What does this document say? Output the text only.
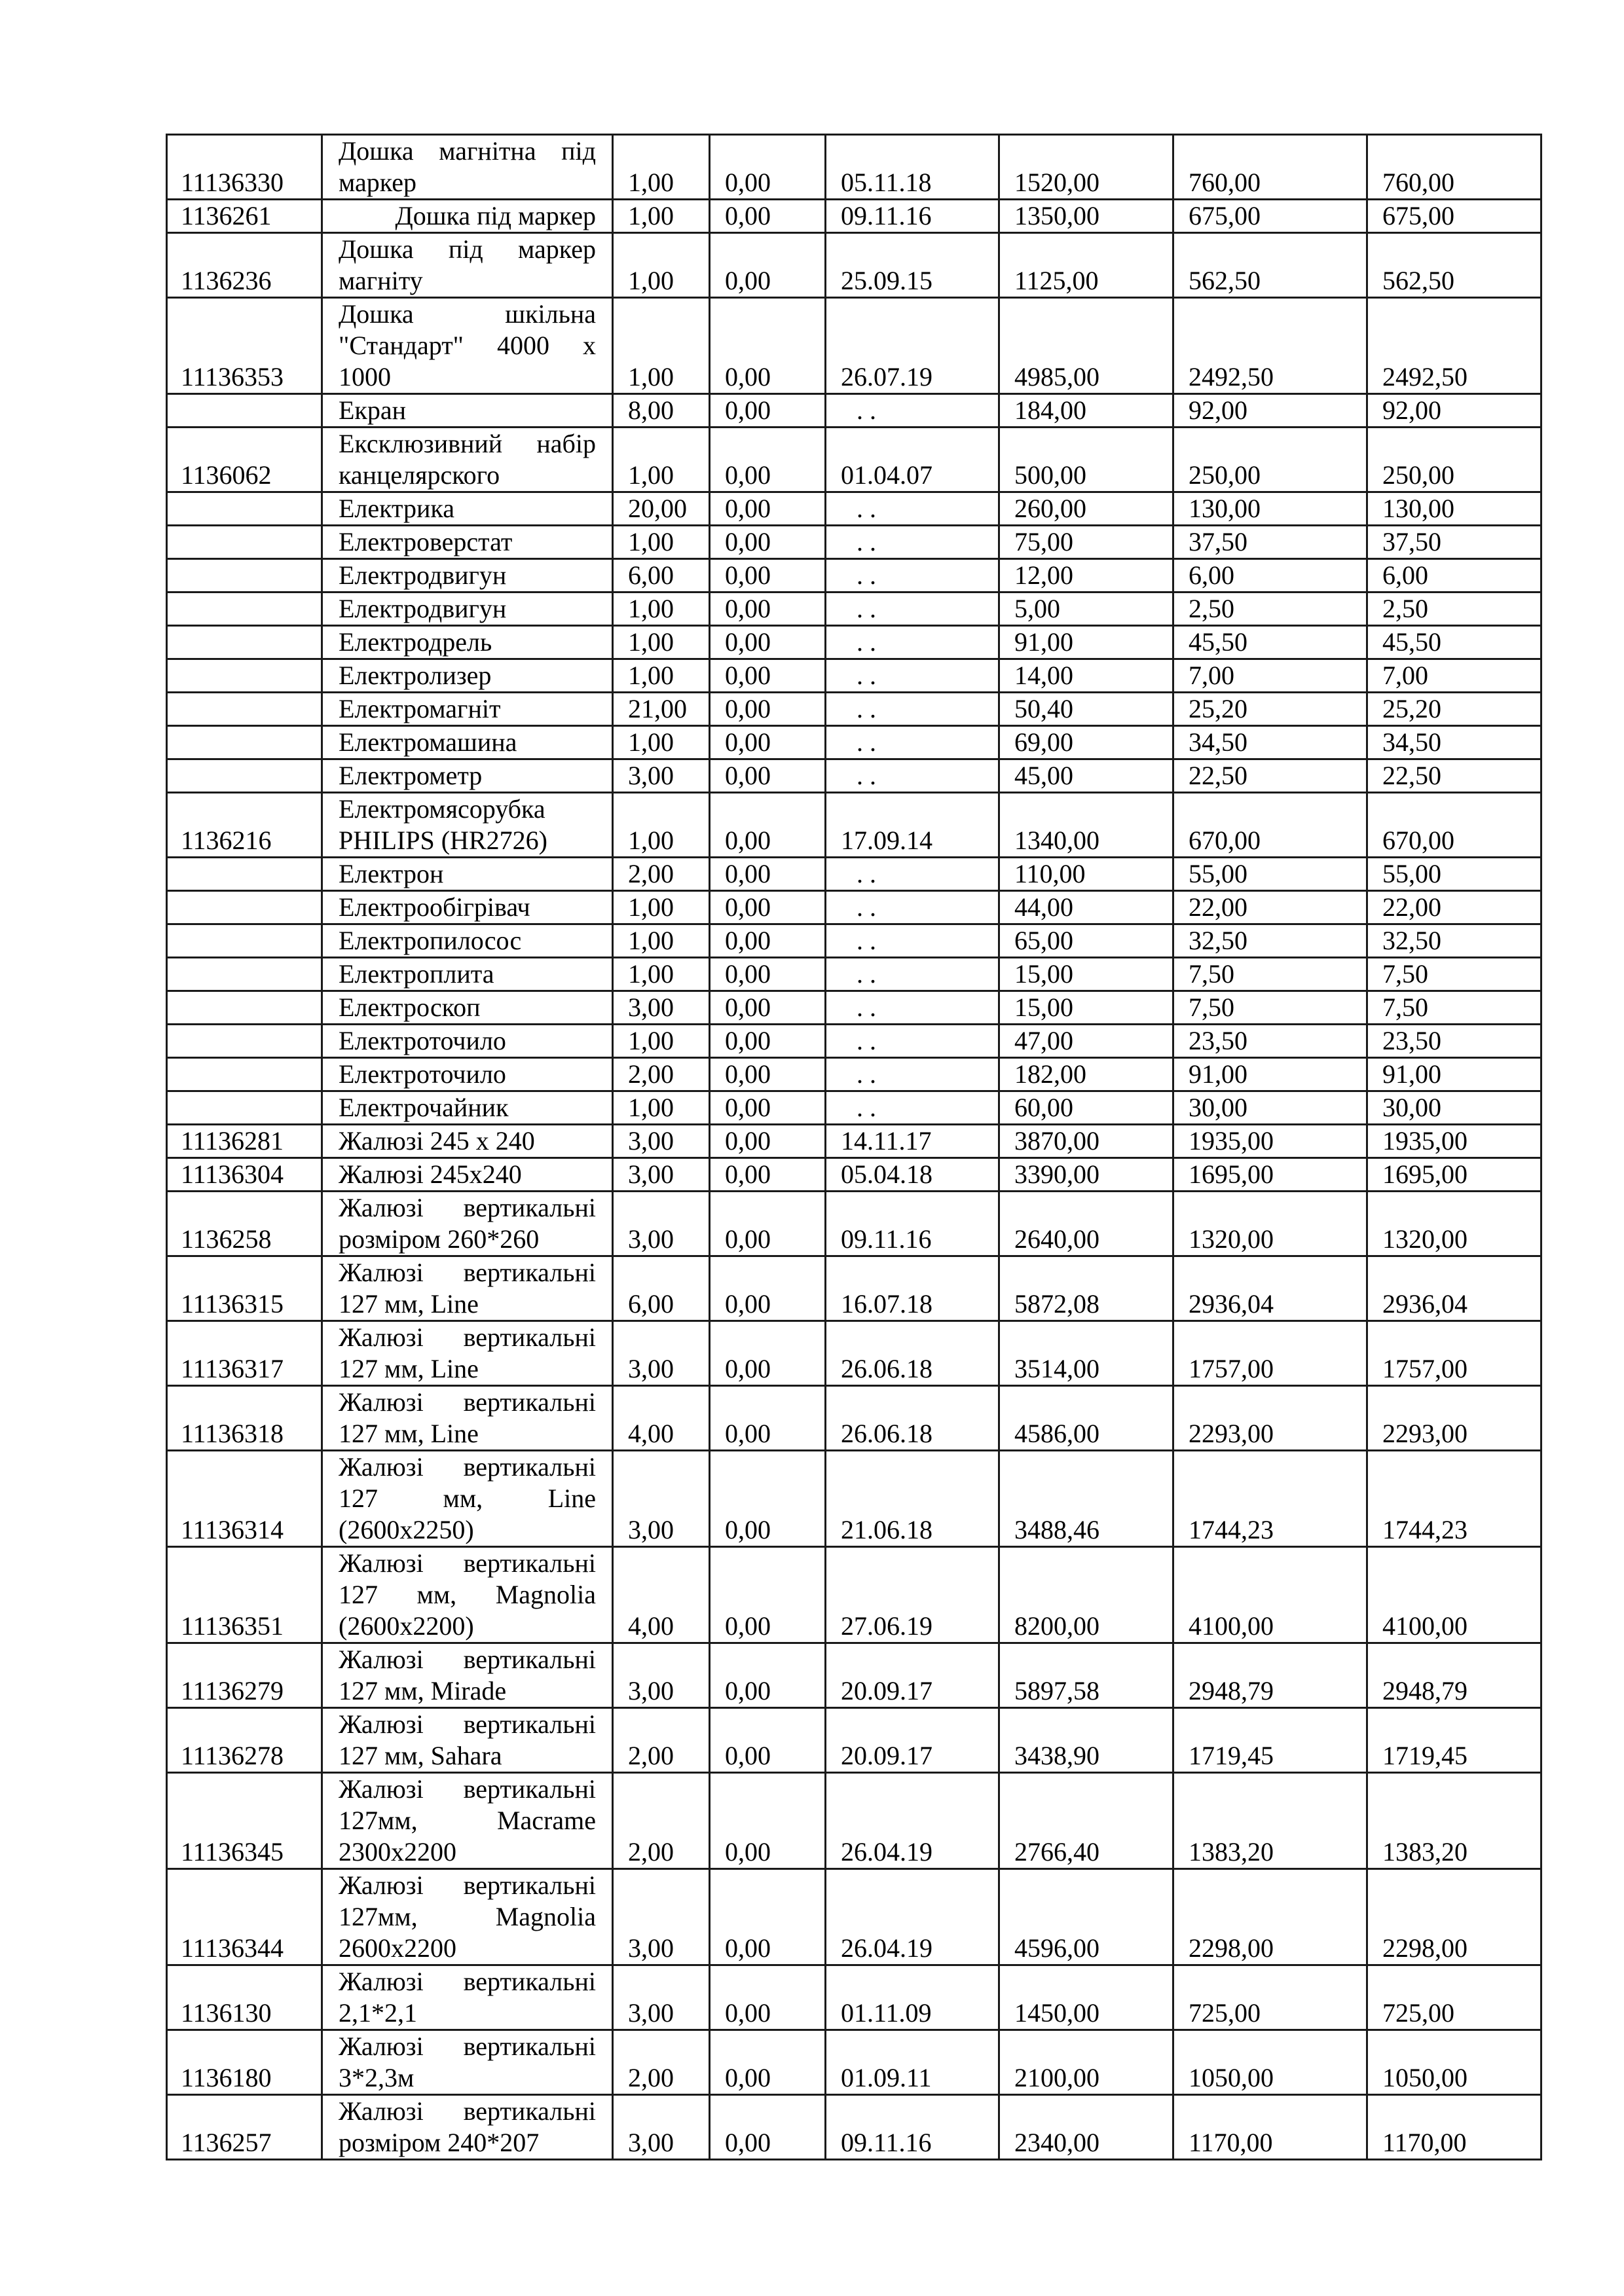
11136330	Дошка магнітна під маркер	1,00	0,00	05.11.18	1520,00	760,00	760,00
1136261	Дошка під маркер	1,00	0,00	09.11.16	1350,00	675,00	675,00
1136236	Дошка під маркер магніту	1,00	0,00	25.09.15	1125,00	562,50	562,50
11136353	Дошка шкільна "Стандарт" 4000 х 1000	1,00	0,00	26.07.19	4985,00	2492,50	2492,50
	Екран	8,00	0,00	. .	184,00	92,00	92,00
1136062	Ексклюзивний набір канцелярского	1,00	0,00	01.04.07	500,00	250,00	250,00
	Електрика	20,00	0,00	. .	260,00	130,00	130,00
	Електроверстат	1,00	0,00	. .	75,00	37,50	37,50
	Електродвигун	6,00	0,00	. .	12,00	6,00	6,00
	Електродвигун	1,00	0,00	. .	5,00	2,50	2,50
	Електродрель	1,00	0,00	. .	91,00	45,50	45,50
	Електролизер	1,00	0,00	. .	14,00	7,00	7,00
	Електромагніт	21,00	0,00	. .	50,40	25,20	25,20
	Електромашина	1,00	0,00	. .	69,00	34,50	34,50
	Електрометр	3,00	0,00	. .	45,00	22,50	22,50
1136216	Електромясорубка PHILIPS (HR2726)	1,00	0,00	17.09.14	1340,00	670,00	670,00
	Електрон	2,00	0,00	. .	110,00	55,00	55,00
	Електрообігрівач	1,00	0,00	. .	44,00	22,00	22,00
	Електропилосос	1,00	0,00	. .	65,00	32,50	32,50
	Електроплита	1,00	0,00	. .	15,00	7,50	7,50
	Електроскоп	3,00	0,00	. .	15,00	7,50	7,50
	Електроточило	1,00	0,00	. .	47,00	23,50	23,50
	Електроточило	2,00	0,00	. .	182,00	91,00	91,00
	Електрочайник	1,00	0,00	. .	60,00	30,00	30,00
11136281	Жалюзі 245 х 240	3,00	0,00	14.11.17	3870,00	1935,00	1935,00
11136304	Жалюзі 245х240	3,00	0,00	05.04.18	3390,00	1695,00	1695,00
1136258	Жалюзі вертикальні розміром 260*260	3,00	0,00	09.11.16	2640,00	1320,00	1320,00
11136315	Жалюзі вертикальні 127 мм, Line	6,00	0,00	16.07.18	5872,08	2936,04	2936,04
11136317	Жалюзі вертикальні 127 мм, Line	3,00	0,00	26.06.18	3514,00	1757,00	1757,00
11136318	Жалюзі вертикальні 127 мм, Line	4,00	0,00	26.06.18	4586,00	2293,00	2293,00
11136314	Жалюзі вертикальні 127 мм, Line (2600х2250)	3,00	0,00	21.06.18	3488,46	1744,23	1744,23
11136351	Жалюзі вертикальні 127 мм, Magnolia (2600х2200)	4,00	0,00	27.06.19	8200,00	4100,00	4100,00
11136279	Жалюзі вертикальні 127 мм, Mirade	3,00	0,00	20.09.17	5897,58	2948,79	2948,79
11136278	Жалюзі вертикальні 127 мм, Sahara	2,00	0,00	20.09.17	3438,90	1719,45	1719,45
11136345	Жалюзі вертикальні 127мм, Macrame 2300х2200	2,00	0,00	26.04.19	2766,40	1383,20	1383,20
11136344	Жалюзі вертикальні 127мм, Magnolia 2600х2200	3,00	0,00	26.04.19	4596,00	2298,00	2298,00
1136130	Жалюзі вертикальні 2,1*2,1	3,00	0,00	01.11.09	1450,00	725,00	725,00
1136180	Жалюзі вертикальні 3*2,3м	2,00	0,00	01.09.11	2100,00	1050,00	1050,00
1136257	Жалюзі вертикальні розміром 240*207	3,00	0,00	09.11.16	2340,00	1170,00	1170,00
